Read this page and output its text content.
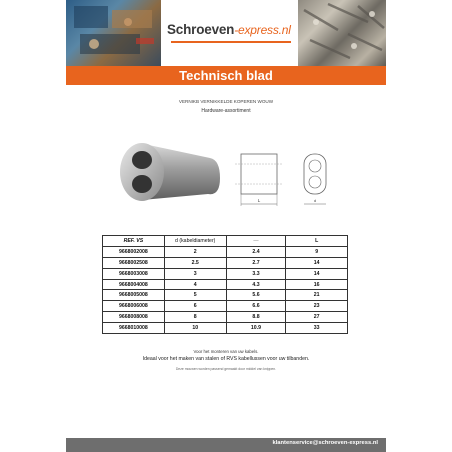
Schroeven-express.nl
Technisch blad
VERNIKB VERNIKKELDE KOPEREN WOUW
Hardware-assortiment
L	d
REF. VS	d (kabeldiameter)	—	L
9668002008	2	2.4	9
9668002508	2.5	2.7	14
9668003008	3	3.3	14
9668004008	4	4.3	16
9668005008	5	5.6	21
9668006008	6	6.6	23
9668008008	8	8.8	27
9668010008	10	10.9	33
Voor het monteren van uw kabels.
Ideaal voor het maken van stalen of RVS kabellussen voor uw tilbanden.
Deze mouwen worden passend gemaakt door middel van knippen.
klantenservice@schroeven-express.nl
